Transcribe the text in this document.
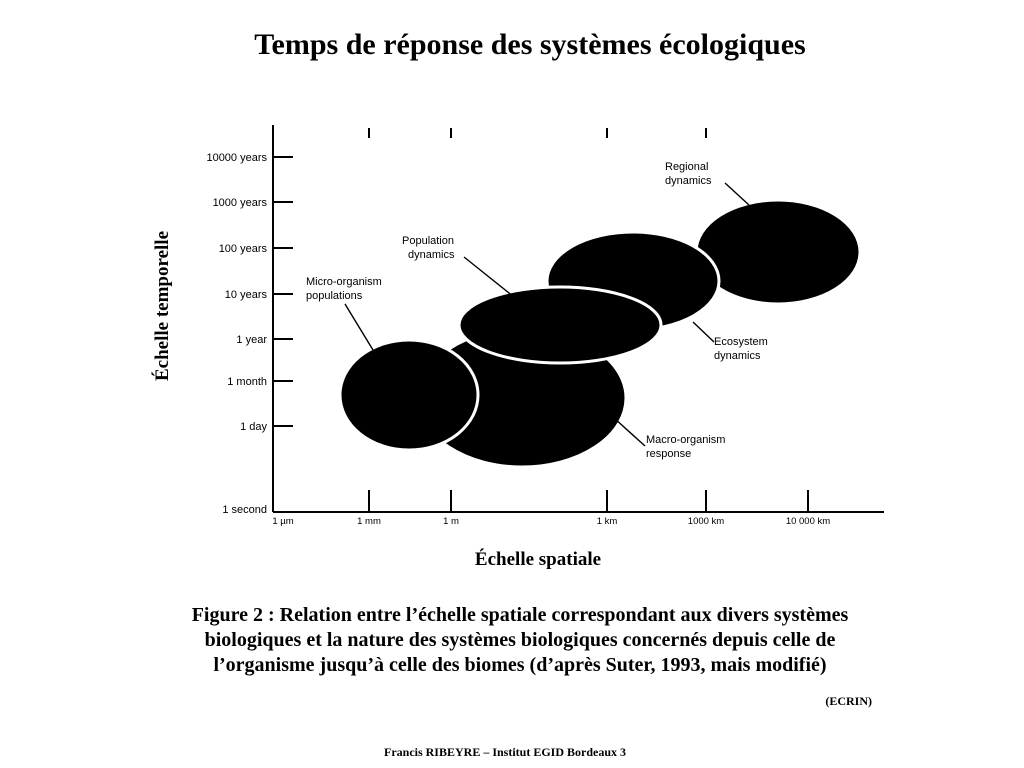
Temps de réponse des systèmes écologiques
Échelle temporelle
10000 years
1000 years
100 years
10 years
1 year
1 month
1 day
1 second
1 µm	1 mm	1 m	1 km	1000 km	10 000 km
Regional dynamics
Population dynamics
Micro-organism populations
Ecosystem dynamics
Macro-organism response
Échelle spatiale
Figure 2 : Relation entre l’échelle spatiale correspondant aux divers systèmes
biologiques et la nature des systèmes biologiques concernés depuis celle de
l’organisme jusqu’à celle des biomes (d’après Suter, 1993, mais modifié)
(ECRIN)
Francis RIBEYRE – Institut EGID Bordeaux 3
